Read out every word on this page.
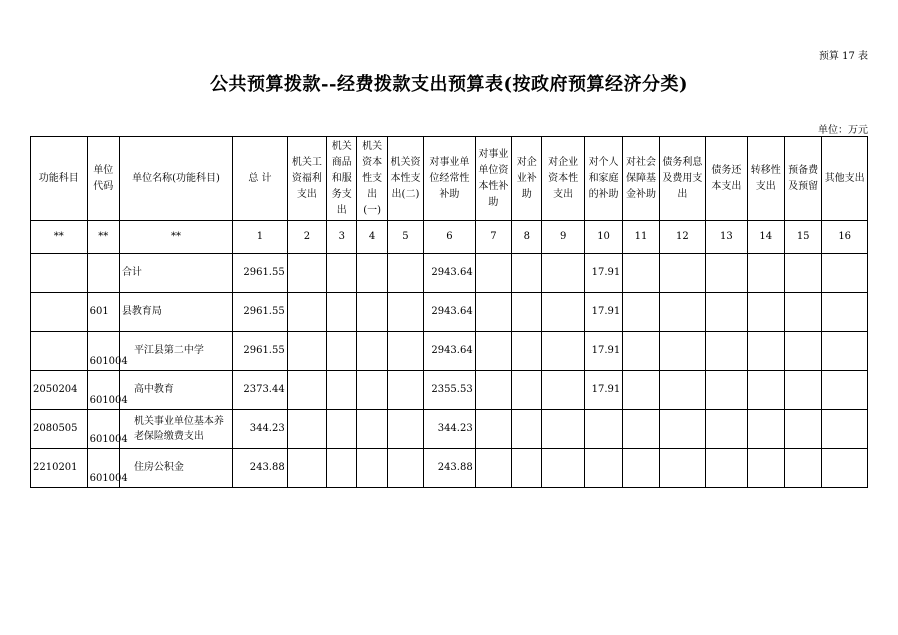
预算 17 表
公共预算拨款--经费拨款支出预算表(按政府预算经济分类)
单位：万元
功能科目	单位代码	单位名称(功能科目)	总 计	机关工资福利支出	机关商品和服务支出	机关资本性支出(一)	机关资本性支出(二)	对事业单位经常性补助	对事业单位资本性补助	对企业补助	对企业资本性支出	对个人和家庭的补助	对社会保障基金补助	债务利息及费用支出	债务还本支出	转移性支出	预备费及预留	其他支出
**	**	**	1	2	3	4	5	6	7	8	9	10	11	12	13	14	15	16
		合计	2961.55					2943.64				17.91						
	601	县教育局	2961.55					2943.64				17.91						
	601004	平江县第二中学	2961.55					2943.64				17.91						
2050204	601004	高中教育	2373.44					2355.53				17.91						
2080505	601004	机关事业单位基本养老保险缴费支出	344.23					344.23										
2210201	601004	住房公积金	243.88					243.88										
